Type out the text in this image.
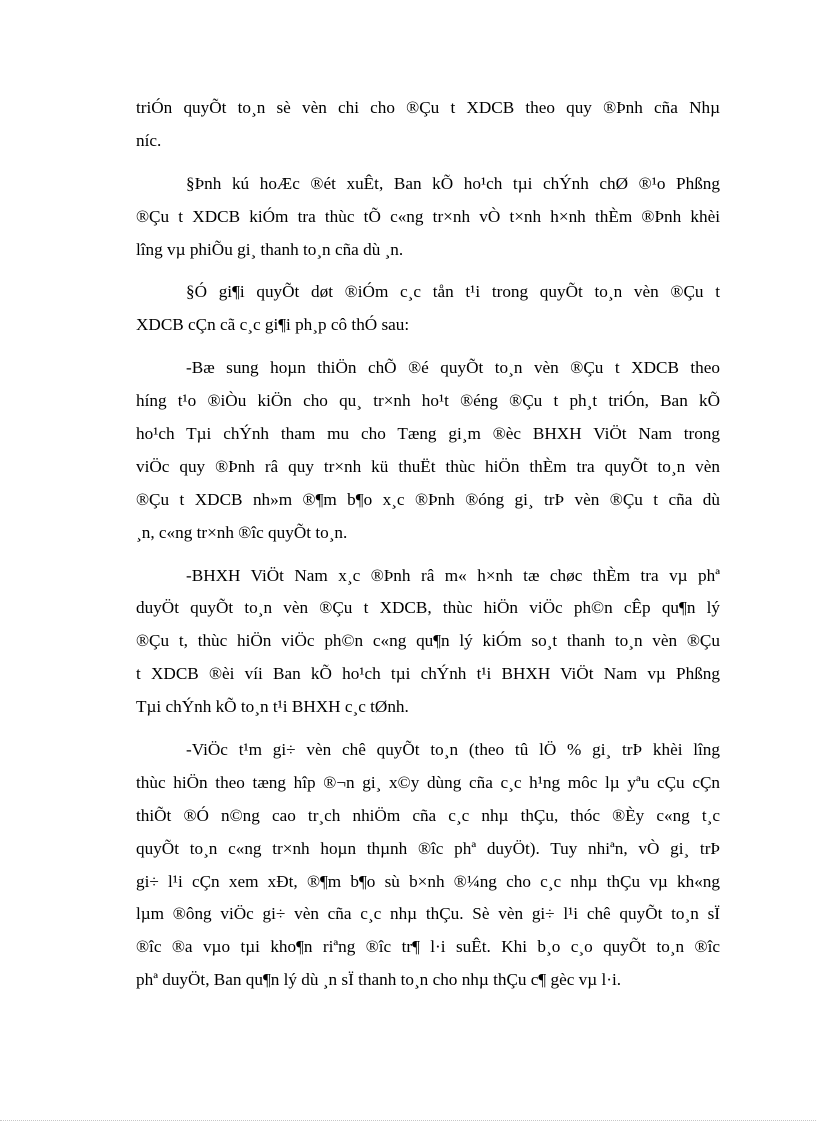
triÓn quyÕt to¸n sè vèn chi cho ®Çu t XDCB theo quy ®Þnh cña Nhµ
níc.
§Þnh kú hoÆc ®ét xuÊt, Ban kÕ ho¹ch tµi chÝnh chØ ®¹o Phßng
®Çu t XDCB kiÓm tra thùc tÕ c«ng tr×nh vÒ t×nh h×nh thÈm ®Þnh khèi
lîng vµ phiÕu gi¸ thanh to¸n cña dù ¸n.
§Ó gi¶i quyÕt døt ®iÓm c¸c tån t¹i trong quyÕt to¸n vèn ®Çu t
XDCB cÇn cã c¸c gi¶i ph¸p cô thÓ sau:
-Bæ sung hoµn thiÖn chÕ ®é quyÕt to¸n vèn ®Çu t XDCB theo
híng t¹o ®iÒu kiÖn cho qu¸ tr×nh ho¹t ®éng ®Çu t ph¸t triÓn, Ban kÕ
ho¹ch Tµi chÝnh tham mu cho Tæng gi¸m ®èc BHXH ViÖt Nam trong
viÖc quy ®Þnh râ quy tr×nh kü thuËt thùc hiÖn thÈm tra quyÕt to¸n vèn
®Çu t XDCB nh»m ®¶m b¶o x¸c ®Þnh ®óng gi¸ trÞ vèn ®Çu t cña dù
¸n, c«ng tr×nh ®îc quyÕt to¸n.
-BHXH ViÖt Nam x¸c ®Þnh râ m« h×nh tæ chøc thÈm tra vµ phª
duyÖt quyÕt to¸n vèn ®Çu t XDCB, thùc hiÖn viÖc ph©n cÊp qu¶n lý
®Çu t, thùc hiÖn viÖc ph©n c«ng qu¶n lý kiÓm so¸t thanh to¸n vèn ®Çu
t XDCB ®èi víi Ban kÕ ho¹ch tµi chÝnh t¹i BHXH ViÖt Nam vµ Phßng
Tµi chÝnh kÕ to¸n t¹i BHXH c¸c tØnh.
-ViÖc t¹m gi÷ vèn chê quyÕt to¸n (theo tû lÖ % gi¸ trÞ khèi lîng
thùc hiÖn theo tæng hîp ®¬n gi¸ x©y dùng cña c¸c h¹ng môc lµ yªu cÇu cÇn
thiÕt ®Ó n©ng cao tr¸ch nhiÖm cña c¸c nhµ thÇu, thóc ®Èy c«ng t¸c
quyÕt to¸n c«ng tr×nh hoµn thµnh ®îc phª duyÖt). Tuy nhiªn, vÒ gi¸ trÞ
gi÷ l¹i cÇn xem xÐt, ®¶m b¶o sù b×nh ®¼ng cho c¸c nhµ thÇu vµ kh«ng
lµm ®ông viÖc gi÷ vèn cña c¸c nhµ thÇu. Sè vèn gi÷ l¹i chê quyÕt to¸n sÏ
®îc ®a vµo tµi kho¶n riªng ®îc tr¶ l·i suÊt. Khi b¸o c¸o quyÕt to¸n ®îc
phª duyÖt, Ban qu¶n lý dù ¸n sÏ thanh to¸n cho nhµ thÇu c¶ gèc vµ l·i.
